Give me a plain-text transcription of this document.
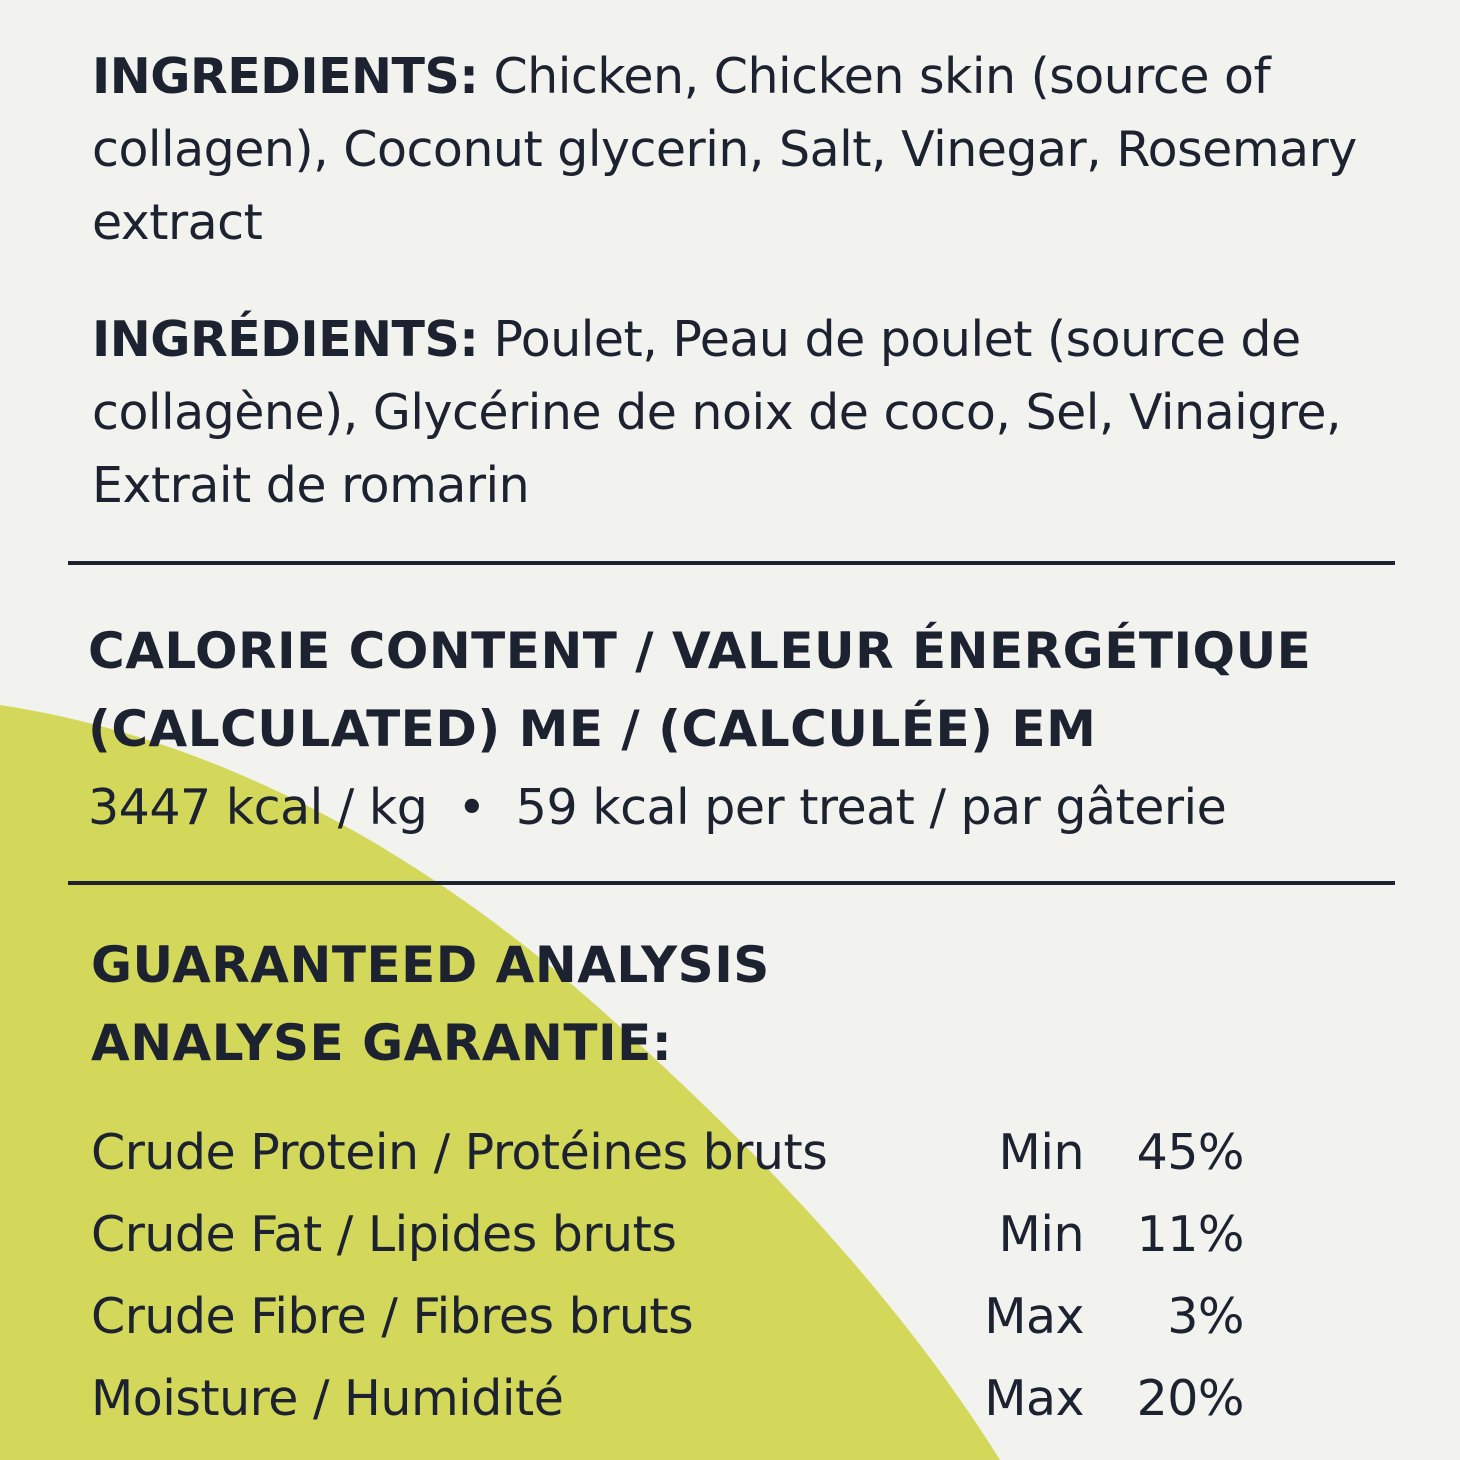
INGREDIENTS: Chicken, Chicken skin (source of collagen), Coconut glycerin, Salt, Vinegar, Rosemary extract
INGRÉDIENTS: Poulet, Peau de poulet (source de collagène), Glycérine de noix de coco, Sel, Vinaigre, Extrait de romarin
CALORIE CONTENT / VALEUR ÉNERGÉTIQUE
(CALCULATED) ME / (CALCULÉE) EM
3447 kcal / kg • 59 kcal per treat / par gâterie
GUARANTEED ANALYSIS
ANALYSE GARANTIE:
Crude Protein / Protéines bruts	Min 45%
Crude Fat / Lipides bruts	Min 11%
Crude Fibre / Fibres bruts	Max 3%
Moisture / Humidité	Max 20%
